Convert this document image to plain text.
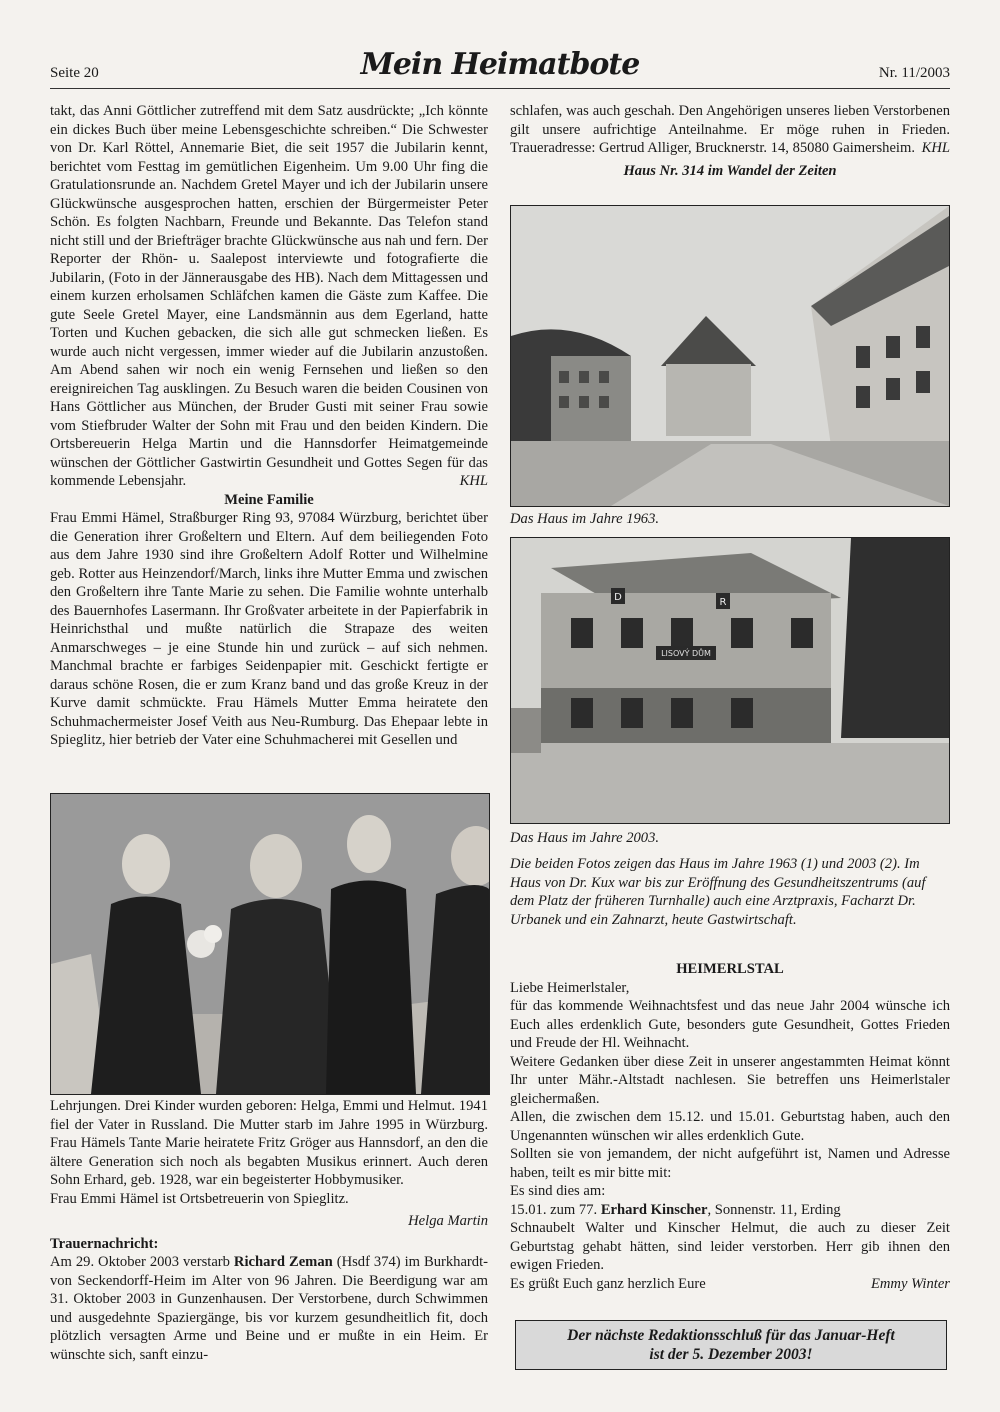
Seite 20	Mein Heimatbote	Nr. 11/2003

takt, das Anni Göttlicher zutreffend mit dem Satz ausdrückte; „Ich könnte ein dickes Buch über meine Lebensgeschichte schreiben.“ Die Schwester von Dr. Karl Röttel, Annemarie Biet, die seit 1957 die Jubilarin kennt, berichtet vom Festtag im gemütlichen Eigenheim. Um 9.00 Uhr fing die Gratulationsrunde an. Nachdem Gretel Mayer und ich der Jubilarin unsere Glückwünsche ausgesprochen hatten, erschien der Bürgermeister Peter Schön. Es folgten Nachbarn, Freunde und Bekannte. Das Telefon stand nicht still und der Briefträger brachte Glückwünsche aus nah und fern. Der Reporter der Rhön- u. Saalepost interviewte und fotografierte die Jubilarin, (Foto in der Jännerausgabe des HB). Nach dem Mittagessen und einem kurzen erholsamen Schläfchen kamen die Gäste zum Kaffee. Die gute Seele Gretel Mayer, eine Landsmännin aus dem Egerland, hatte Torten und Kuchen gebacken, die sich alle gut schmecken ließen. Es wurde auch nicht vergessen, immer wieder auf die Jubilarin anzustoßen. Am Abend sahen wir noch ein wenig Fernsehen und ließen so den ereignireichen Tag ausklingen. Zu Besuch waren die beiden Cousinen von Hans Göttlicher aus München, der Bruder Gusti mit seiner Frau sowie vom Stiefbruder Walter der Sohn mit Frau und den beiden Kindern. Die Ortsbereuerin Helga Martin und die Hannsdorfer Heimatgemeinde wünschen der Göttlicher Gastwirtin Gesundheit und Gottes Segen für das kommende Lebensjahr.	KHL

Meine Familie

Frau Emmi Hämel, Straßburger Ring 93, 97084 Würzburg, berichtet über die Generation ihrer Großeltern und Eltern. Auf dem beiliegenden Foto aus dem Jahre 1930 sind ihre Großeltern Adolf Rotter und Wilhelmine geb. Rotter aus Heinzendorf/March, links ihre Mutter Emma und zwischen den Großeltern ihre Tante Marie zu sehen. Die Familie wohnte unterhalb des Bauernhofes Lasermann. Ihr Großvater arbeitete in der Papierfabrik in Heinrichsthal und mußte natürlich die Strapaze des weiten Anmarschweges – je eine Stunde hin und zurück – auf sich nehmen. Manchmal brachte er farbiges Seidenpapier mit. Geschickt fertigte er daraus schöne Rosen, die er zum Kranz band und das große Kreuz in der Kurve damit schmückte. Frau Hämels Mutter Emma heiratete den Schuhmachermeister Josef Veith aus Neu-Rumburg. Das Ehepaar lebte in Spieglitz, hier betrieb der Vater eine Schuhmacherei mit Gesellen und

Lehrjungen. Drei Kinder wurden geboren: Helga, Emmi und Helmut. 1941 fiel der Vater in Russland. Die Mutter starb im Jahre 1995 in Würzburg. Frau Hämels Tante Marie heiratete Fritz Gröger aus Hannsdorf, an den die ältere Generation sich noch als begabten Musikus erinnert. Auch deren Sohn Erhard, geb. 1928, war ein begeisterter Hobbymusiker.

Frau Emmi Hämel ist Ortsbetreuerin von Spieglitz.

Helga Martin

Trauernachricht:

Am 29. Oktober 2003 verstarb Richard Zeman (Hsdf 374) im Burkhardt-von Seckendorff-Heim im Alter von 96 Jahren. Die Beerdigung war am 31. Oktober 2003 in Gunzenhausen. Der Verstorbene, durch Schwimmen und ausgedehnte Spaziergänge, bis vor kurzem gesundheitlich fit, doch plötzlich versagten Arme und Beine und er mußte in ein Heim. Er wünschte sich, sanft einzu-

schlafen, was auch geschah. Den Angehörigen unseres lieben Verstorbenen gilt unsere aufrichtige Anteilnahme. Er möge ruhen in Frieden. Traueradresse: Gertrud Alliger, Brucknerstr. 14, 85080 Gaimersheim. KHL

Haus Nr. 314 im Wandel der Zeiten

Das Haus im Jahre 1963.
LISOVÝ DŮM
D	R
Das Haus im Jahre 2003.
Die beiden Fotos zeigen das Haus im Jahre 1963 (1) und 2003 (2). Im Haus von Dr. Kux war bis zur Eröffnung des Gesundheitszentrums (auf dem Platz der früheren Turnhalle) auch eine Arztpraxis, Facharzt Dr. Urbanek und ein Zahnarzt, heute Gastwirtschaft.

HEIMERLSTAL

Liebe Heimerlstaler,

für das kommende Weihnachtsfest und das neue Jahr 2004 wünsche ich Euch alles erdenklich Gute, besonders gute Gesundheit, Gottes Frieden und Freude der Hl. Weihnacht.

Weitere Gedanken über diese Zeit in unserer angestammten Heimat könnt Ihr unter Mähr.-Altstadt nachlesen. Sie betreffen uns Heimerlstaler gleichermaßen.

Allen, die zwischen dem 15.12. und 15.01. Geburtstag haben, auch den Ungenannten wünschen wir alles erdenklich Gute.

Sollten sie von jemandem, der nicht aufgeführt ist, Namen und Adresse haben, teilt es mir bitte mit:

Es sind dies am:

15.01. zum 77. Erhard Kinscher, Sonnenstr. 11, Erding

Schnaubelt Walter und Kinscher Helmut, die auch zu dieser Zeit Geburtstag gehabt hätten, sind leider verstorben. Herr gib ihnen den ewigen Frieden.

Es grüßt Euch ganz herzlich Eure	Emmy Winter
Der nächste Redaktionsschluß für das Januar-Heft
ist der 5. Dezember 2003!
